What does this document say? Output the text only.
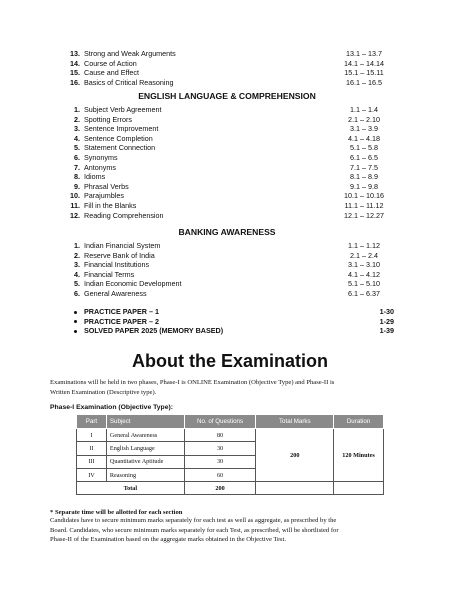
13. Strong and Weak Arguments	13.1 – 13.7
14. Course of Action	14.1 – 14.14
15. Cause and Effect	15.1 – 15.11
16. Basics of Critical Reasoning	16.1 – 16.5
ENGLISH LANGUAGE & COMPREHENSION
1. Subject Verb Agreement	1.1 – 1.4
2. Spotting Errors	2.1 – 2.10
3. Sentence Improvement	3.1 – 3.9
4. Sentence Completion	4.1 – 4.18
5. Statement Connection	5.1 – 5.8
6. Synonyms	6.1 – 6.5
7. Antonyms	7.1 – 7.5
8. Idioms	8.1 – 8.9
9. Phrasal Verbs	9.1 – 9.8
10. Parajumbles	10.1 – 10.16
11. Fill in the Blanks	11.1 – 11.12
12. Reading Comprehension	12.1 – 12.27
BANKING AWARENESS
1. Indian Financial System	1.1 – 1.12
2. Reserve Bank of India	2.1 – 2.4
3. Financial Institutions	3.1 – 3.10
4. Financial Terms	4.1 – 4.12
5. Indian Economic Development	5.1 – 5.10
6. General Awareness	6.1 – 6.37
PRACTICE PAPER – 1	1-30
PRACTICE PAPER – 2	1-29
SOLVED PAPER 2025 (MEMORY BASED)	1-39
About the Examination
Examinations will be held in two phases, Phase-I is ONLINE Examination (Objective Type) and Phase-II is
Written Examination (Descriptive type).
Phase-I Examination (Objective Type):
Part	Subject	No. of Questions	Total Marks	Duration
I	General Awareness	80	200	120 Minutes
II	English Language	30		
III	Quantitative Aptitude	30		
IV	Reasoning	60		
Total		200		
* Separate time will be allotted for each section
Candidates have to secure minimum marks separately for each test as well as aggregate, as prescribed by the
Board. Candidates, who secure minimum marks separately for each Test, as prescribed, will be shortlisted for
Phase-II of the Examination based on the aggregate marks obtained in the Objective Test.
